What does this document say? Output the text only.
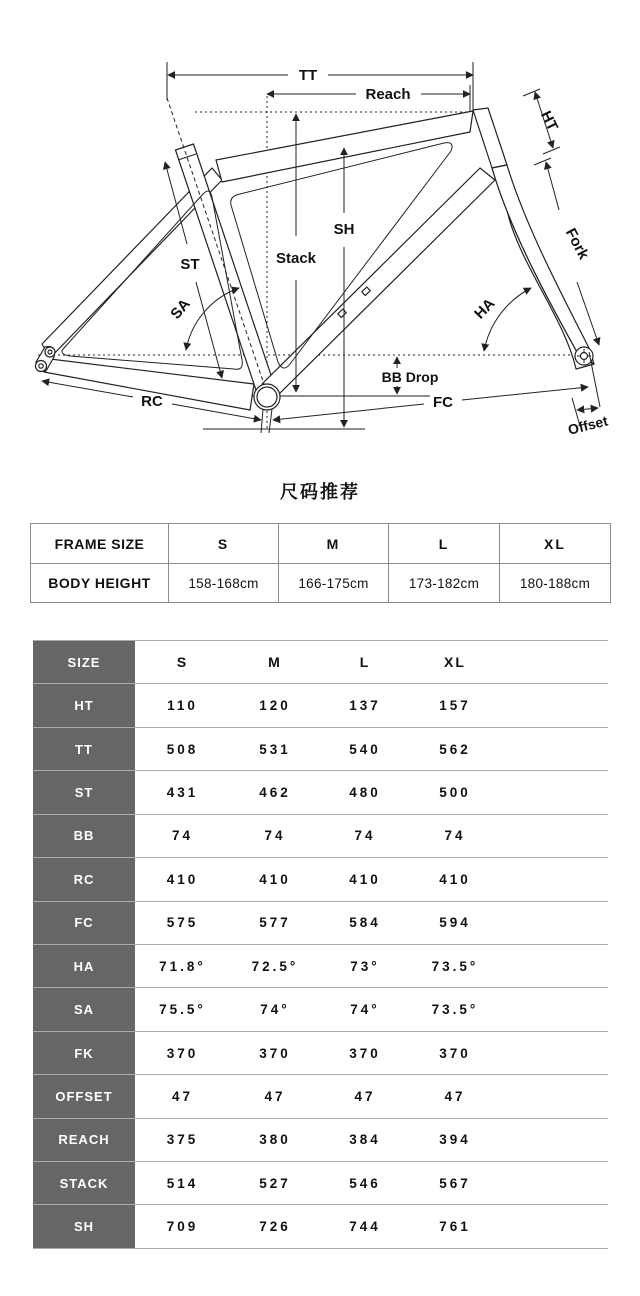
TT
Reach
Stack
SH
ST
SA	HA
HT
Fork
BB Drop
RC	FC
Offset
尺码推荐
FRAME SIZE	S	M	L	XL
BODY HEIGHT	158-168cm	166-175cm	173-182cm	180-188cm
SIZE	S	M	L	XL	
HT	110	120	137	157	
TT	508	531	540	562	
ST	431	462	480	500	
BB	74	74	74	74	
RC	410	410	410	410	
FC	575	577	584	594	
HA	71.8°	72.5°	73°	73.5°	
SA	75.5°	74°	74°	73.5°	
FK	370	370	370	370	
OFFSET	47	47	47	47	
REACH	375	380	384	394	
STACK	514	527	546	567	
SH	709	726	744	761	
